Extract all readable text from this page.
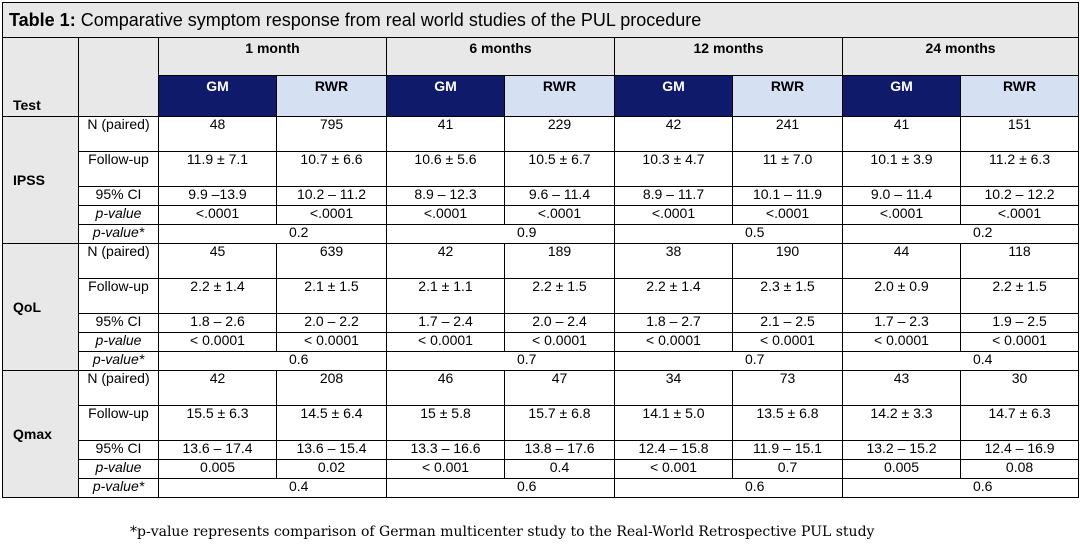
Table 1: Comparative symptom response from real world studies of the PUL procedure									
Test		1 month		6 months		12 months		24 months	
		GM	RWR	GM	RWR	GM	RWR	GM	RWR
IPSS	N (paired)	48	795	41	229	42	241	41	151
	Follow-up	11.9 ± 7.1	10.7 ± 6.6	10.6 ± 5.6	10.5 ± 6.7	10.3 ± 4.7	11 ± 7.0	10.1 ± 3.9	11.2 ± 6.3
	95% CI	9.9 –13.9	10.2 – 11.2	8.9 – 12.3	9.6 – 11.4	8.9 – 11.7	10.1 – 11.9	9.0 – 11.4	10.2 – 12.2
	p-value	<.0001	<.0001	<.0001	<.0001	<.0001	<.0001	<.0001	<.0001
	p-value*	0.2		0.9		0.5		0.2	
QoL	N (paired)	45	639	42	189	38	190	44	118
	Follow-up	2.2 ± 1.4	2.1 ± 1.5	2.1 ± 1.1	2.2 ± 1.5	2.2 ± 1.4	2.3 ± 1.5	2.0 ± 0.9	2.2 ± 1.5
	95% CI	1.8 – 2.6	2.0 – 2.2	1.7 – 2.4	2.0 – 2.4	1.8 – 2.7	2.1 – 2.5	1.7 – 2.3	1.9 – 2.5
	p-value	< 0.0001	< 0.0001	< 0.0001	< 0.0001	< 0.0001	< 0.0001	< 0.0001	< 0.0001
	p-value*	0.6		0.7		0.7		0.4	
Qmax	N (paired)	42	208	46	47	34	73	43	30
	Follow-up	15.5 ± 6.3	14.5 ± 6.4	15 ± 5.8	15.7 ± 6.8	14.1 ± 5.0	13.5 ± 6.8	14.2 ± 3.3	14.7 ± 6.3
	95% CI	13.6 – 17.4	13.6 – 15.4	13.3 – 16.6	13.8 – 17.6	12.4 – 15.8	11.9 – 15.1	13.2 – 15.2	12.4 – 16.9
	p-value	0.005	0.02	< 0.001	0.4	< 0.001	0.7	0.005	0.08
	p-value*	0.4		0.6		0.6		0.6	
*p-value represents comparison of German multicenter study to the Real-World Retrospective PUL study
